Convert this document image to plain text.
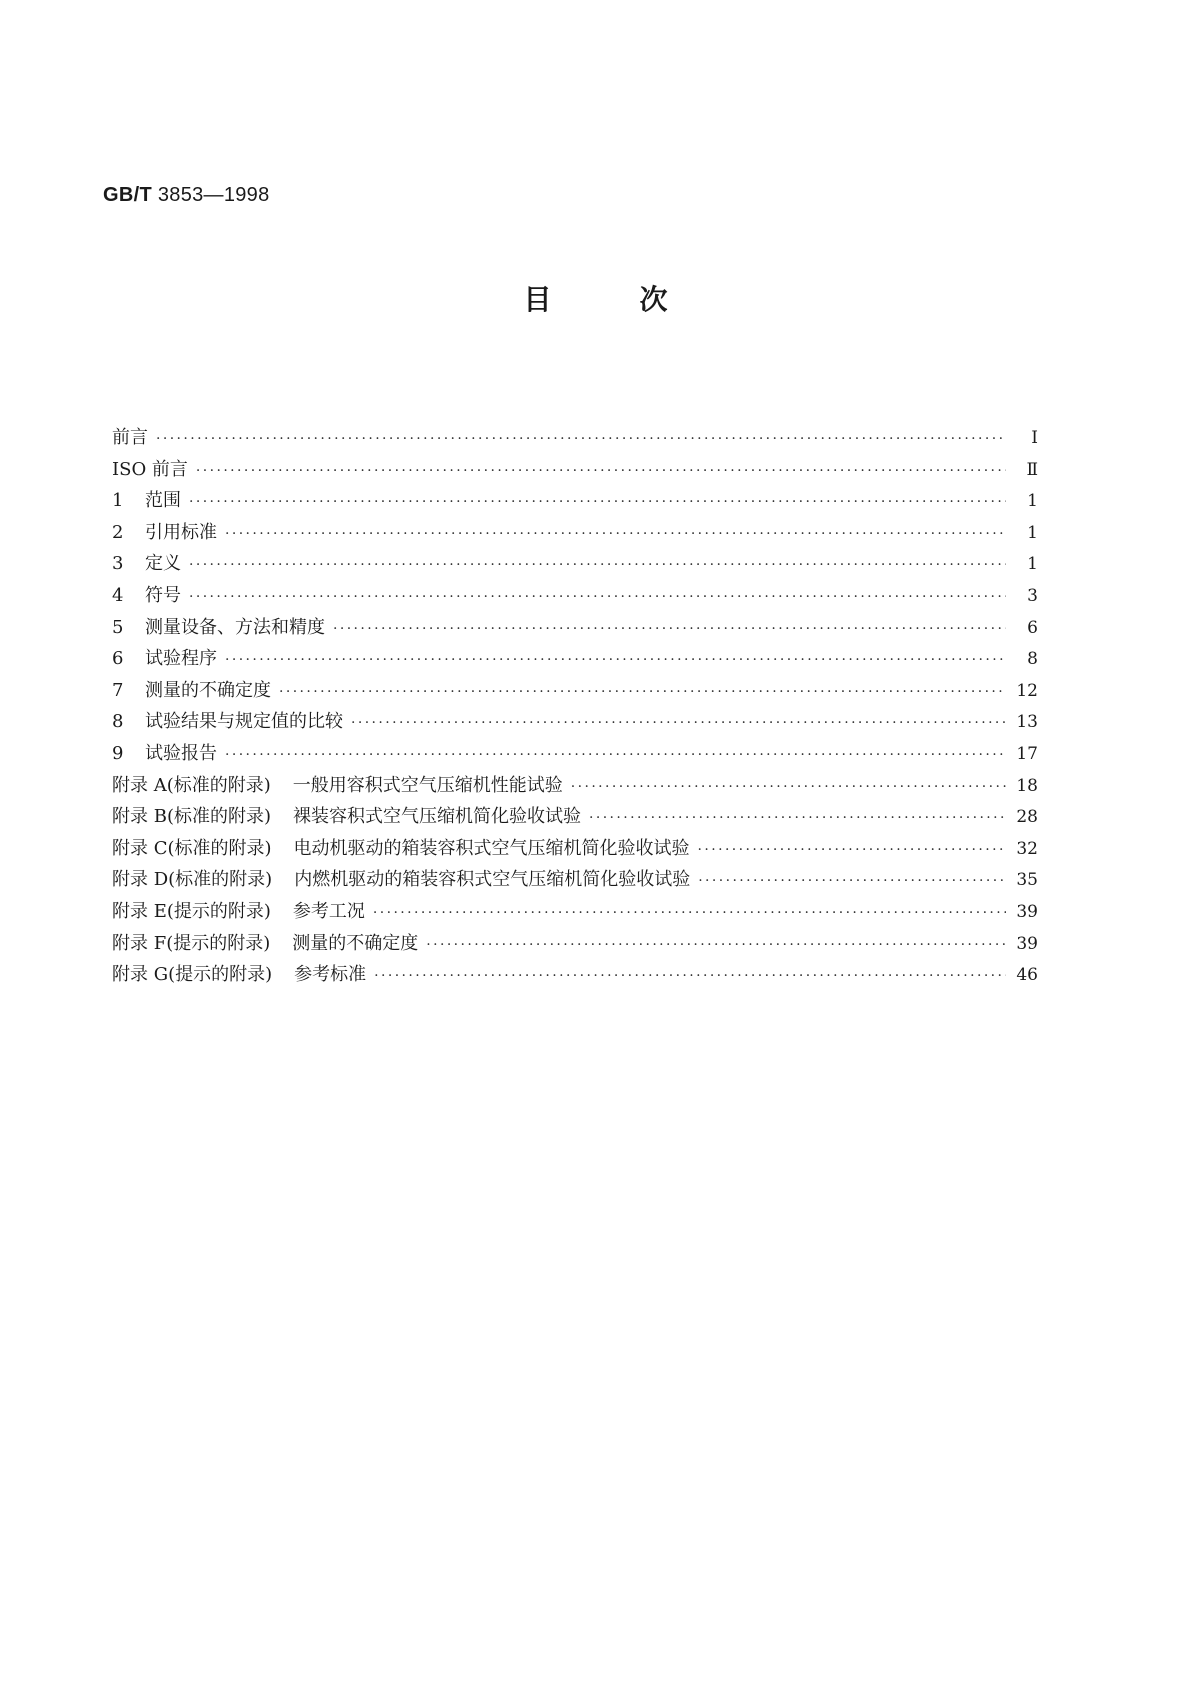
GB/T 3853—1998
目次
前言 ·····	I
ISO 前言 ·····	Ⅱ
1	范围 ·····	1
2	引用标准 ·····	1
3	定义 ·····	1
4	符号 ·····	3
5	测量设备、方法和精度 ·····	6
6	试验程序 ·····	8
7	测量的不确定度 ·····	12
8	试验结果与规定值的比较 ·····	13
9	试验报告 ·····	17
附录 A(标准的附录) 一般用容积式空气压缩机性能试验 ·····	18
附录 B(标准的附录) 裸装容积式空气压缩机简化验收试验 ·····	28
附录 C(标准的附录) 电动机驱动的箱装容积式空气压缩机简化验收试验 ·····	32
附录 D(标准的附录) 内燃机驱动的箱装容积式空气压缩机简化验收试验 ·····	35
附录 E(提示的附录) 参考工况 ·····	39
附录 F(提示的附录) 测量的不确定度 ·····	39
附录 G(提示的附录) 参考标准 ·····	46
